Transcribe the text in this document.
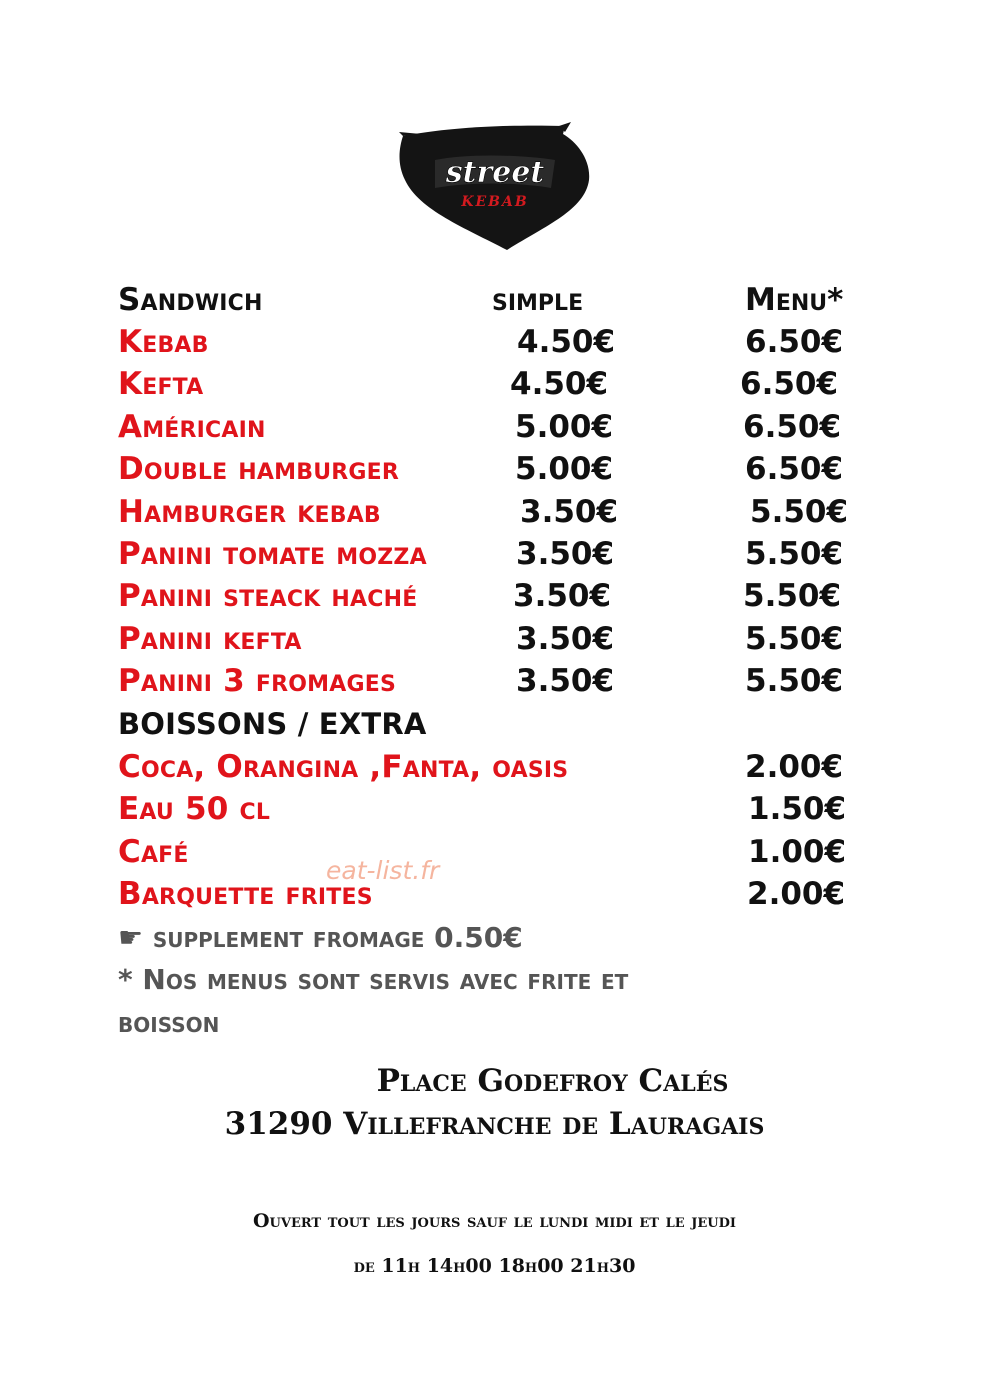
street
KEBAB
Sandwich	simple	Menu*
Kebab	4.50€	6.50€
Kefta	4.50€	6.50€
Américain	5.00€	6.50€
Double hamburger	5.00€	6.50€
Hamburger kebab	3.50€	5.50€
Panini tomate mozza	3.50€	5.50€
Panini steack haché	3.50€	5.50€
Panini kefta	3.50€	5.50€
Panini 3 fromages	3.50€	5.50€
BOISSONS / EXTRA
Coca, Orangina ,Fanta, oasis	2.00€
Eau 50 cl	1.50€
Café	1.00€
Barquette frites	2.00€
eat-list.fr
☛ supplement fromage 0.50€
* Nos menus sont servis avec frite et
boisson
Place Godefroy Calés
31290 Villefranche de Lauragais
Ouvert tout les jours sauf le lundi midi et le jeudi
de 11h 14h00 18h00 21h30
